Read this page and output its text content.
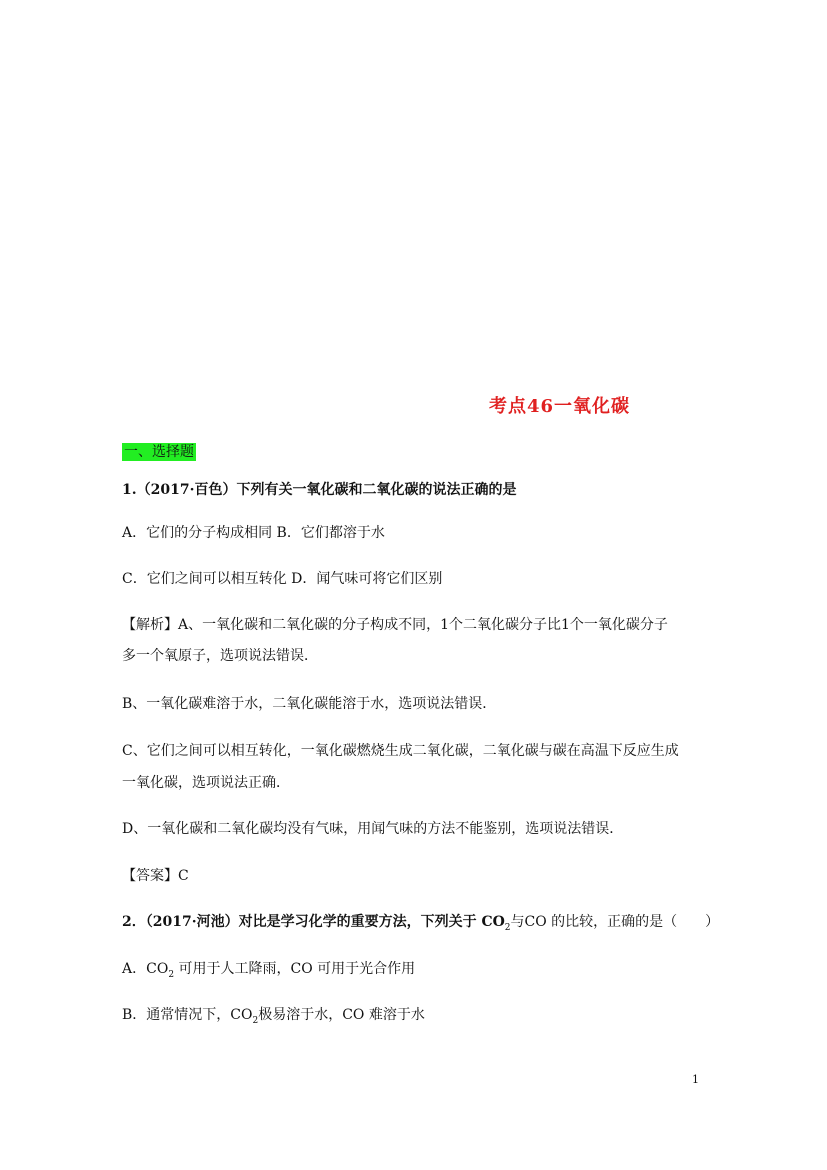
考点46一氧化碳
一、选择题
1.（2017·百色）下列有关一氧化碳和二氧化碳的说法正确的是
A．它们的分子构成相同 B．它们都溶于水
C．它们之间可以相互转化 D．闻气味可将它们区别
【解析】A、一氧化碳和二氧化碳的分子构成不同，1个二氧化碳分子比1个一氧化碳分子
多一个氧原子，选项说法错误．
B、一氧化碳难溶于水，二氧化碳能溶于水，选项说法错误．
C、它们之间可以相互转化，一氧化碳燃烧生成二氧化碳，二氧化碳与碳在高温下反应生成
一氧化碳，选项说法正确．
D、一氧化碳和二氧化碳均没有气味，用闻气味的方法不能鉴别，选项说法错误．
【答案】C
2．（2017·河池）对比是学习化学的重要方法，下列关于 $CO_2$与CO 的比较，正确的是（　　）
A．$CO_2$ 可用于人工降雨，CO 可用于光合作用
B．通常情况下，$CO_2$极易溶于水，CO 难溶于水
1
